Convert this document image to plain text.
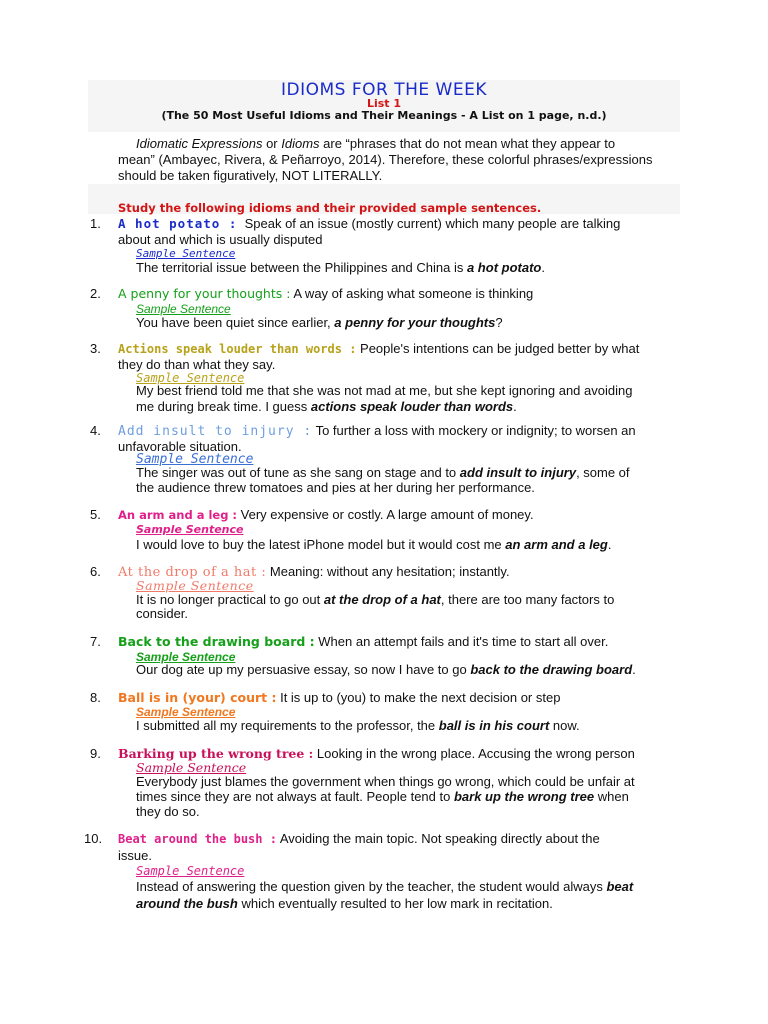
IDIOMS FOR THE WEEK
List 1
(The 50 Most Useful Idioms and Their Meanings - A List on 1 page, n.d.)
Idiomatic Expressions or Idioms are “phrases that do not mean what they appear to
mean” (Ambayec, Rivera, & Peñarroyo, 2014). Therefore, these colorful phrases/expressions
should be taken figuratively, NOT LITERALLY.
Study the following idioms and their provided sample sentences.
1. A hot potato : Speak of an issue (mostly current) which many people are talking
about and which is usually disputed
Sample Sentence
The territorial issue between the Philippines and China is a hot potato.
2. A penny for your thoughts : A way of asking what someone is thinking
Sample Sentence
You have been quiet since earlier, a penny for your thoughts?
3. Actions speak louder than words : People's intentions can be judged better by what
they do than what they say.
Sample Sentence
My best friend told me that she was not mad at me, but she kept ignoring and avoiding
me during break time. I guess actions speak louder than words.
4. Add insult to injury : To further a loss with mockery or indignity; to worsen an
unfavorable situation.
Sample Sentence
The singer was out of tune as she sang on stage and to add insult to injury, some of
the audience threw tomatoes and pies at her during her performance.
5. An arm and a leg : Very expensive or costly. A large amount of money.
Sample Sentence
I would love to buy the latest iPhone model but it would cost me an arm and a leg.
6. At the drop of a hat : Meaning: without any hesitation; instantly.
Sample Sentence
It is no longer practical to go out at the drop of a hat, there are too many factors to
consider.
7. Back to the drawing board : When an attempt fails and it's time to start all over.
Sample Sentence
Our dog ate up my persuasive essay, so now I have to go back to the drawing board.
8. Ball is in (your) court : It is up to (you) to make the next decision or step
Sample Sentence
I submitted all my requirements to the professor, the ball is in his court now.
9. Barking up the wrong tree : Looking in the wrong place. Accusing the wrong person
Sample Sentence
Everybody just blames the government when things go wrong, which could be unfair at
times since they are not always at fault. People tend to bark up the wrong tree when
they do so.
10. Beat around the bush : Avoiding the main topic. Not speaking directly about the
issue.
Sample Sentence
Instead of answering the question given by the teacher, the student would always beat
around the bush which eventually resulted to her low mark in recitation.
